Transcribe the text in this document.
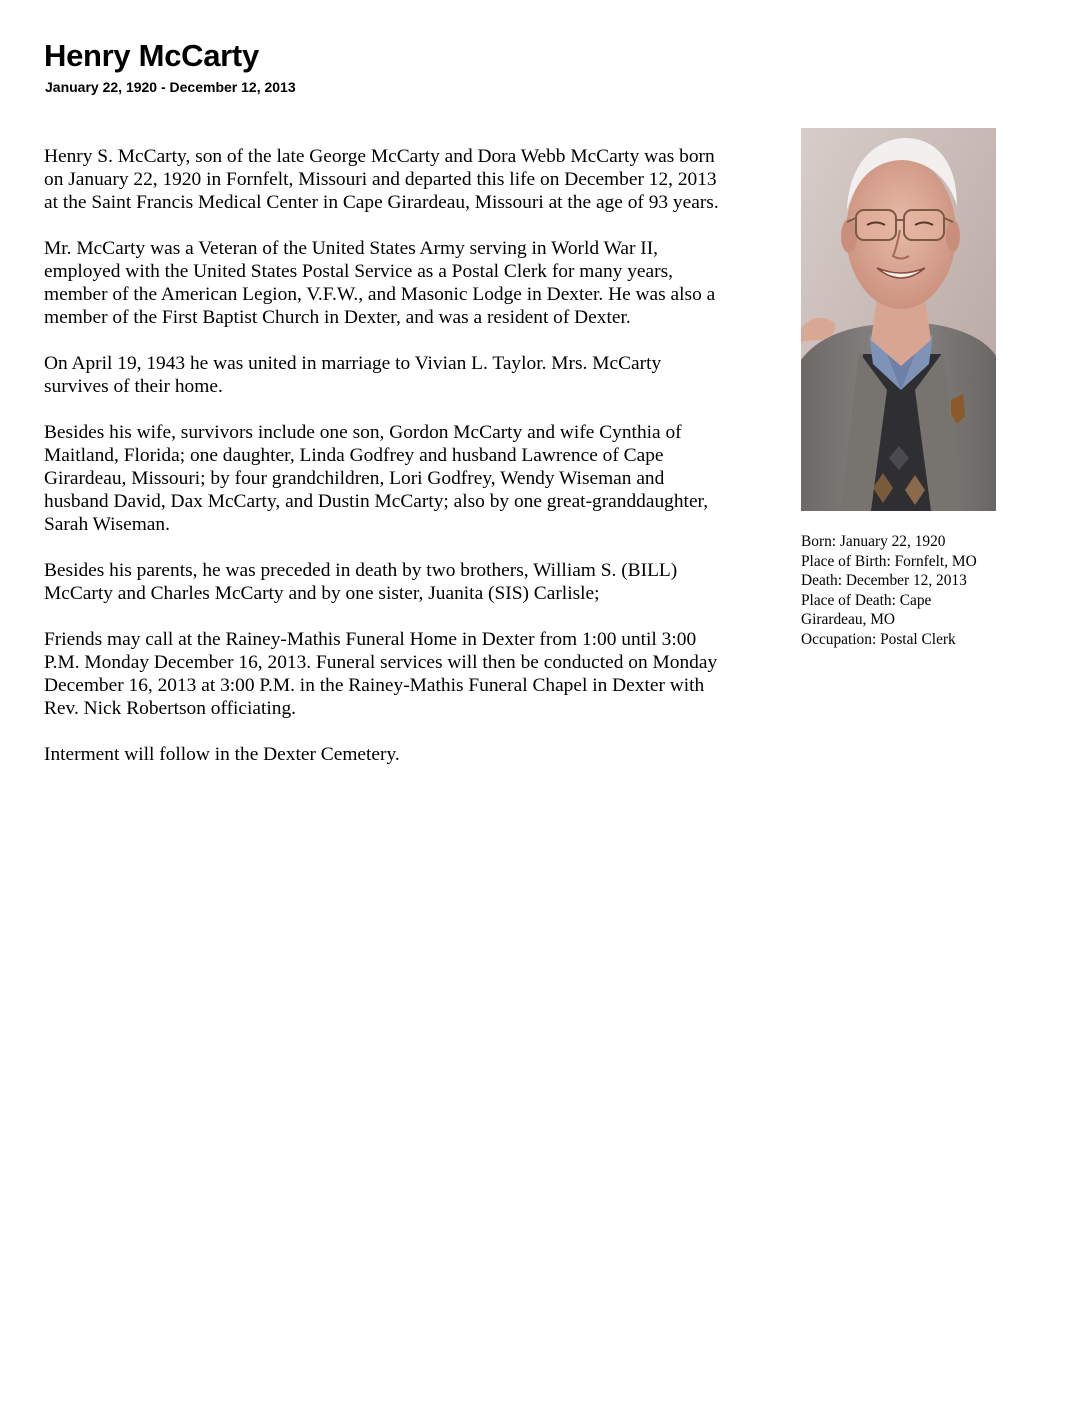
Henry McCarty
January 22, 1920 - December 12, 2013

Henry S. McCarty, son of the late George McCarty and Dora Webb McCarty was born
on January 22, 1920 in Fornfelt, Missouri and departed this life on December 12, 2013
at the Saint Francis Medical Center in Cape Girardeau, Missouri at the age of 93 years.

Mr. McCarty was a Veteran of the United States Army serving in World War II,
employed with the United States Postal Service as a Postal Clerk for many years,
member of the American Legion, V.F.W., and Masonic Lodge in Dexter. He was also a
member of the First Baptist Church in Dexter, and was a resident of Dexter.

On April 19, 1943 he was united in marriage to Vivian L. Taylor. Mrs. McCarty
survives of their home.

Besides his wife, survivors include one son, Gordon McCarty and wife Cynthia of
Maitland, Florida; one daughter, Linda Godfrey and husband Lawrence of Cape
Girardeau, Missouri; by four grandchildren, Lori Godfrey, Wendy Wiseman and
husband David, Dax McCarty, and Dustin McCarty; also by one great-granddaughter,
Sarah Wiseman.

Besides his parents, he was preceded in death by two brothers, William S. (BILL)
McCarty and Charles McCarty and by one sister, Juanita (SIS) Carlisle;

Friends may call at the Rainey-Mathis Funeral Home in Dexter from 1:00 until 3:00
P.M. Monday December 16, 2013. Funeral services will then be conducted on Monday
December 16, 2013 at 3:00 P.M. in the Rainey-Mathis Funeral Chapel in Dexter with
Rev. Nick Robertson officiating.

Interment will follow in the Dexter Cemetery.

Born: January 22, 1920
Place of Birth: Fornfelt, MO
Death: December 12, 2013
Place of Death: Cape
Girardeau, MO
Occupation: Postal Clerk
